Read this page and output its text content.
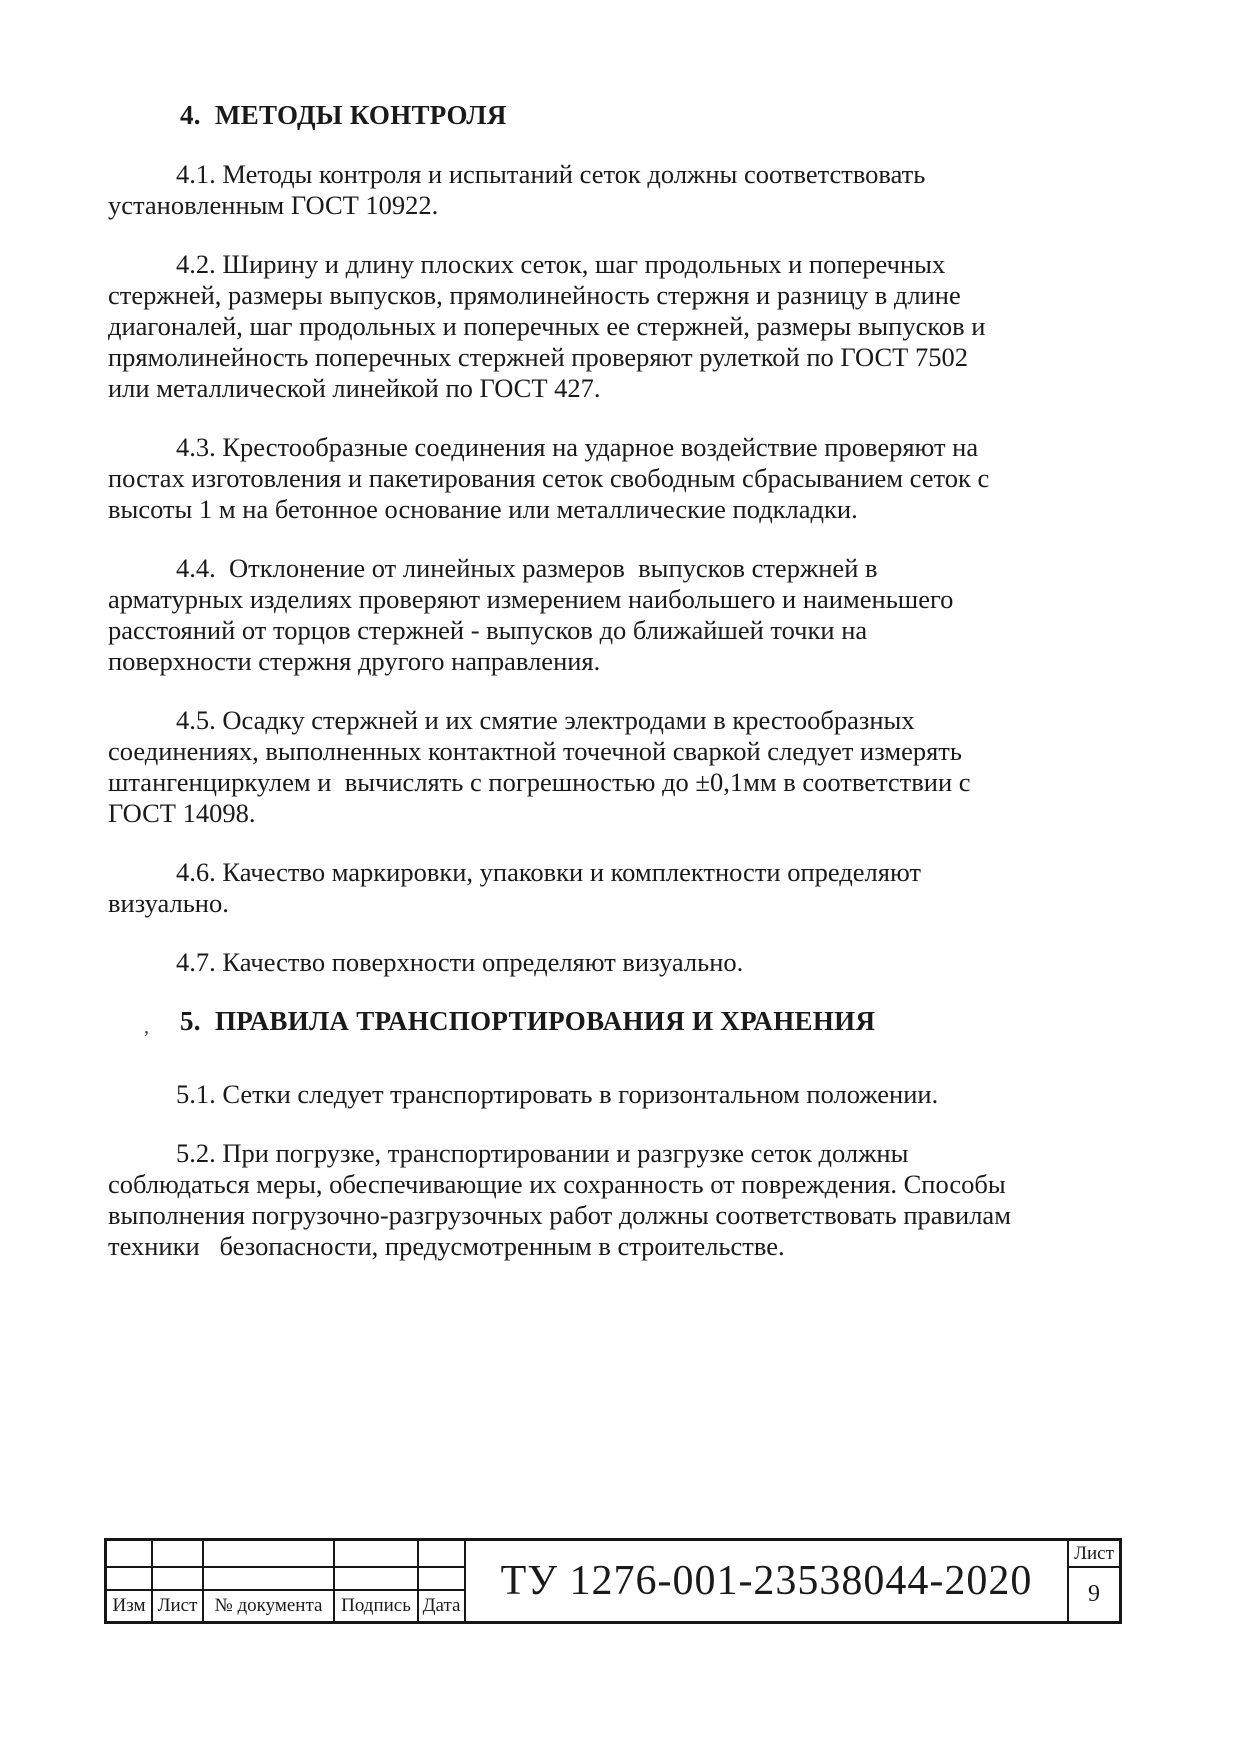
4.  МЕТОДЫ КОНТРОЛЯ
4.1. Методы контроля и испытаний сеток должны соответствовать
установленным ГОСТ 10922.
4.2. Ширину и длину плоских сеток, шаг продольных и поперечных
стержней, размеры выпусков, прямолинейность стержня и разницу в длине
диагоналей, шаг продольных и поперечных ее стержней, размеры выпусков и
прямолинейность поперечных стержней проверяют рулеткой по ГОСТ 7502
или металлической линейкой по ГОСТ 427.
4.3. Крестообразные соединения на ударное воздействие проверяют на
постах изготовления и пакетирования сеток свободным сбрасыванием сеток с
высоты 1 м на бетонное основание или металлические подкладки.
4.4.  Отклонение от линейных размеров  выпусков стержней в
арматурных изделиях проверяют измерением наибольшего и наименьшего
расстояний от торцов стержней - выпусков до ближайшей точки на
поверхности стержня другого направления.
4.5. Осадку стержней и их смятие электродами в крестообразных
соединениях, выполненных контактной точечной сваркой следует измерять
штангенциркулем и  вычислять с погрешностью до ±0,1мм в соответствии с
ГОСТ 14098.
4.6. Качество маркировки, упаковки и комплектности определяют
визуально.
4.7. Качество поверхности определяют визуально.
, 5.  ПРАВИЛА ТРАНСПОРТИРОВАНИЯ И ХРАНЕНИЯ
5.1. Сетки следует транспортировать в горизонтальном положении.
5.2. При погрузке, транспортировании и разгрузке сеток должны
соблюдаться меры, обеспечивающие их сохранность от повреждения. Способы
выполнения погрузочно-разгрузочных работ должны соответствовать правилам
техники   безопасности, предусмотренным в строительстве.
Изм Лист № документа Подпись Дата
ТУ 1276-001-23538044-2020
Лист
9
